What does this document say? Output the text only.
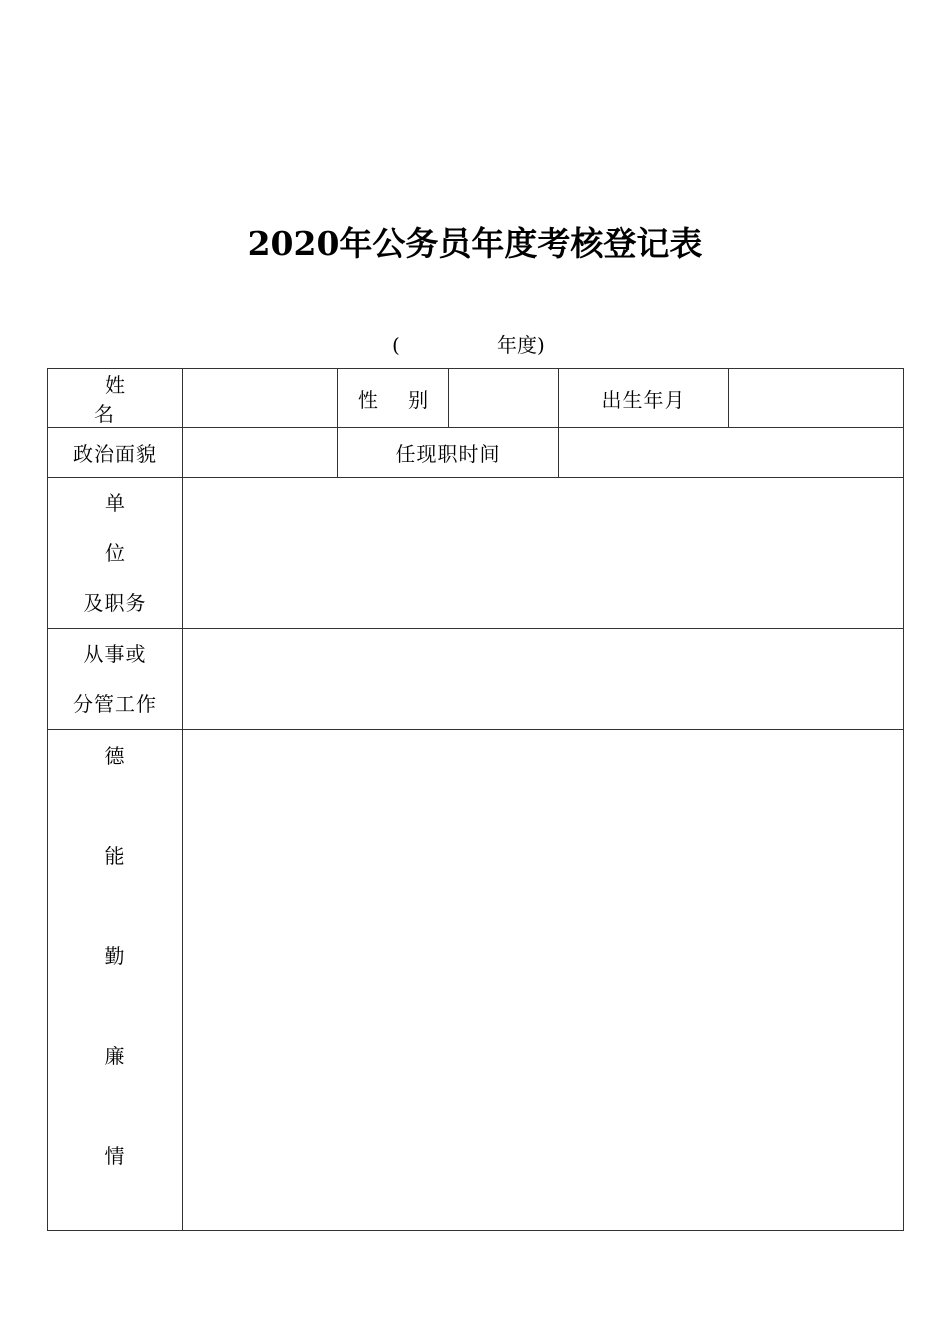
2020年公务员年度考核登记表
(	年度)
姓 名		性 别		出生年月	
政治面貌		任现职时间			

单 位
及职务					

从事或
分管工作					

德
能
勤
廉
情					
